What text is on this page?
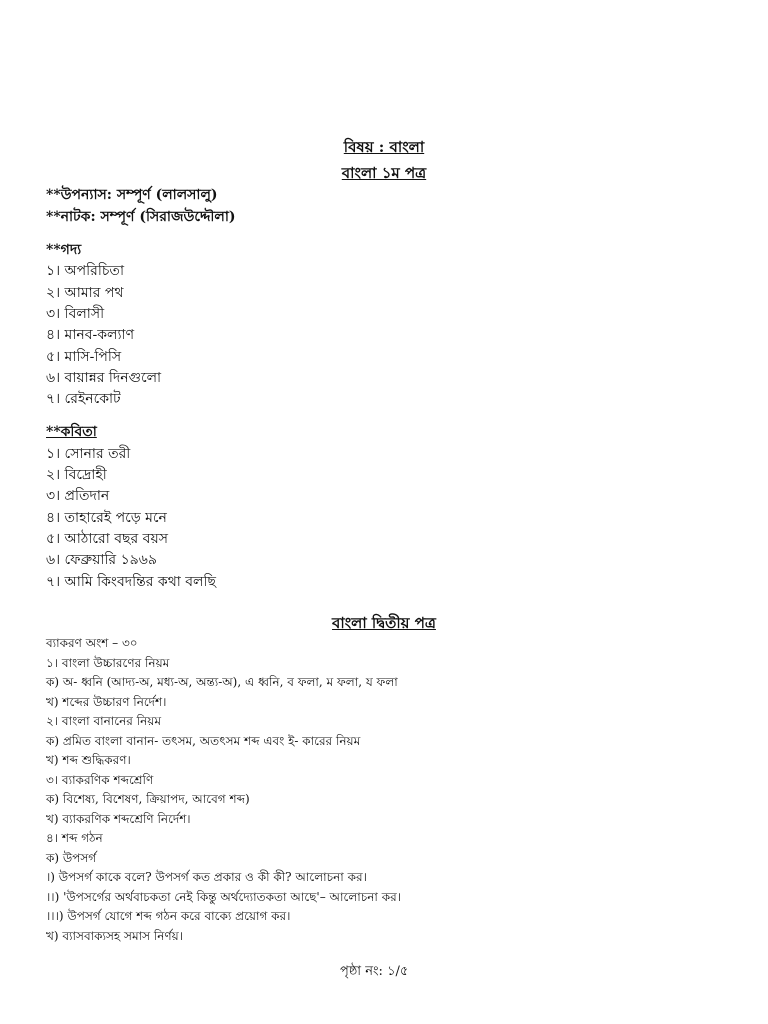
বিষয় : বাংলা
বাংলা ১ম পত্র
**উপন্যাস: সম্পূর্ণ (লালসালু)
**নাটক: সম্পূর্ণ (সিরাজউদ্দৌলা)
**গদ্য
১। অপরিচিতা
২। আমার পথ
৩। বিলাসী
৪। মানব-কল্যাণ
৫। মাসি-পিসি
৬। বায়ান্নর দিনগুলো
৭। রেইনকোট
**কবিতা
১। সোনার তরী
২। বিদ্রোহী
৩। প্রতিদান
৪। তাহারেই পড়ে মনে
৫। আঠারো বছর বয়স
৬। ফেব্রুয়ারি ১৯৬৯
৭। আমি কিংবদন্তির কথা বলছি
বাংলা দ্বিতীয় পত্র
ব্যাকরণ অংশ – ৩০
১। বাংলা উচ্চারণের নিয়ম
ক) অ- ধ্বনি (আদ্য-অ, মধ্য-অ, অন্ত্য-অ), এ ধ্বনি, ব ফলা, ম ফলা, য ফলা
খ) শব্দের উচ্চারণ নির্দেশ।
২। বাংলা বানানের নিয়ম
ক) প্রমিত বাংলা বানান- তৎসম, অতৎসম শব্দ এবং ই- কারের নিয়ম
খ) শব্দ শুদ্ধিকরণ।
৩। ব্যাকরণিক শব্দশ্রেণি
ক) বিশেষ্য, বিশেষণ, ক্রিয়াপদ, আবেগ শব্দ)
খ) ব্যাকরণিক শব্দশ্রেণি নির্দেশ।
৪। শব্দ গঠন
ক) উপসর্গ
।) উপসর্গ কাকে বলে? উপসর্গ কত প্রকার ও কী কী? আলোচনা কর।
।।) 'উপসর্গের অর্থবাচকতা নেই কিন্তু অর্থদ্যোতকতা আছে'– আলোচনা কর।
।।।) উপসর্গ যোগে শব্দ গঠন করে বাক্যে প্রয়োগ কর।
খ) ব্যাসবাক্যসহ সমাস নির্ণয়।
পৃষ্ঠা নং: ১/৫
